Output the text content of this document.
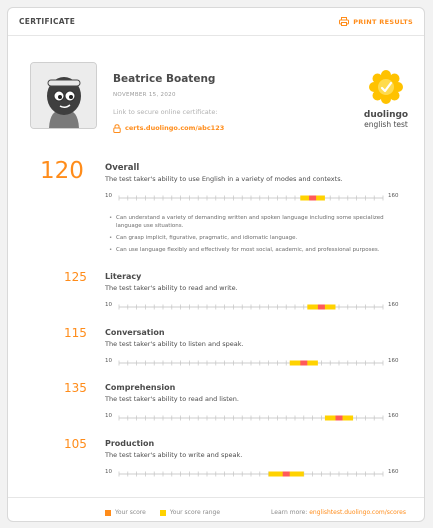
CERTIFICATE	PRINT RESULTS
Beatrice Boateng
NOVEMBER 15, 2020
Link to secure online certificate:
certs.duolingo.com/abc123
duolingo
english test
120 Overall
The test taker's ability to use English in a variety of modes and contexts.
10	160
• Can understand a variety of demanding written and spoken language including some specialized language use situations.
• Can grasp implicit, figurative, pragmatic, and idiomatic language.
• Can use language flexibly and effectively for most social, academic, and professional purposes.
125 Literacy
The test taker's ability to read and write.
10	160
115 Conversation
The test taker's ability to listen and speak.
10	160
135 Comprehension
The test taker's ability to read and listen.
10	160
105 Production
The test taker's ability to write and speak.
10	160
Your score	Your score range	Learn more: englishtest.duolingo.com/scores
